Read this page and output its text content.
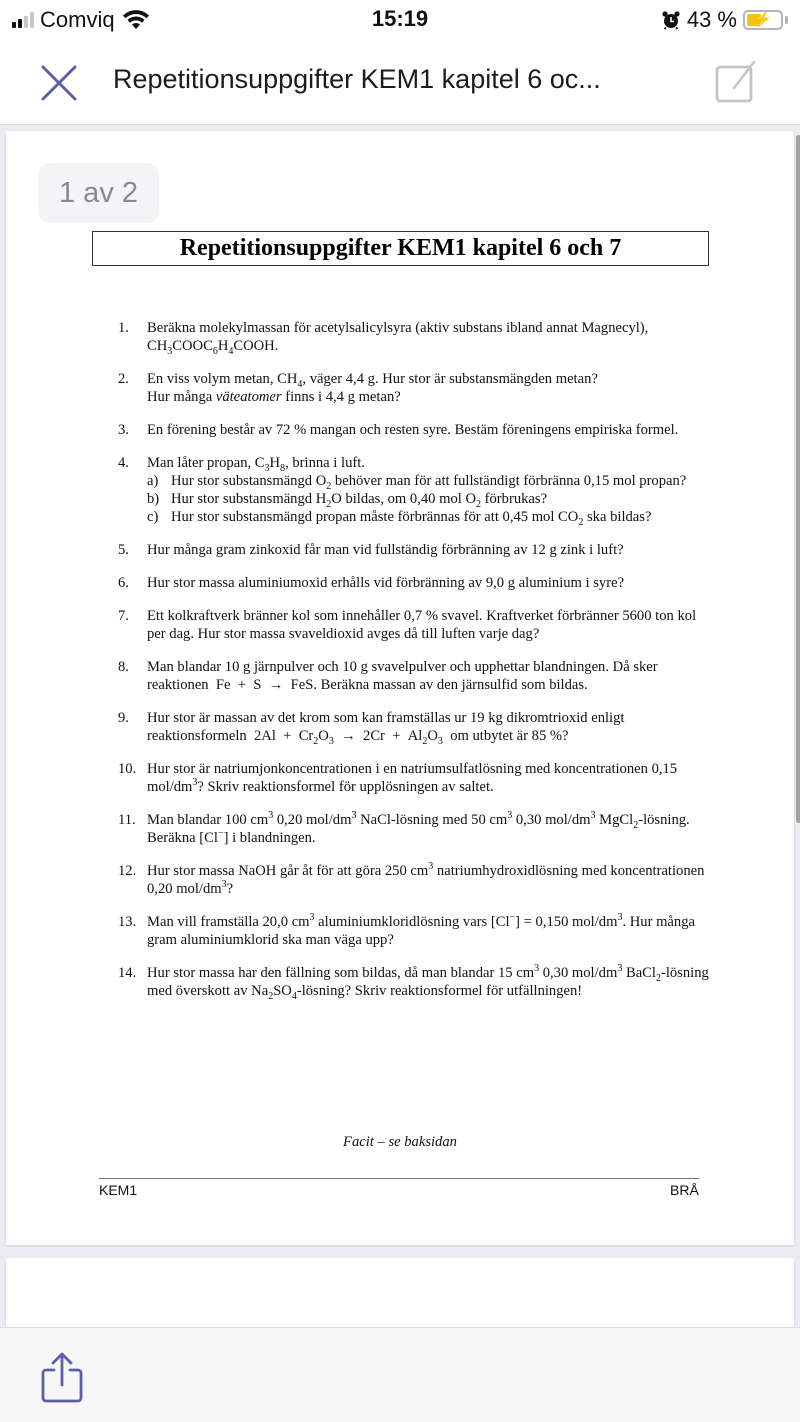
Comviq	15:19	43 %	⚡
Repetitionsuppgifter KEM1 kapitel 6 oc...
1 av 2
Repetitionsuppgifter KEM1 kapitel 6 och 7
1. Beräkna molekylmassan för acetylsalicylsyra (aktiv substans ibland annat Magnecyl), $CH_3COOC_6H_4COOH$.
2. En viss volym metan, $CH_4$, väger 4,4 g. Hur stor är substansmängden metan?
Hur många väteatomer finns i 4,4 g metan?
3. En förening består av 72 % mangan och resten syre. Bestäm föreningens empiriska formel.
4. Man låter propan, $C_3H_8$, brinna i luft.
a) Hur stor substansmängd $O_2$ behöver man för att fullständigt förbränna 0,15 mol propan?
b) Hur stor substansmängd $H_2O$ bildas, om 0,40 mol $O_2$ förbrukas?
c) Hur stor substansmängd propan måste förbrännas för att 0,45 mol $CO_2$ ska bildas?
5. Hur många gram zinkoxid får man vid fullständig förbränning av 12 g zink i luft?
6. Hur stor massa aluminiumoxid erhålls vid förbränning av 9,0 g aluminium i syre?
7. Ett kolkraftverk bränner kol som innehåller 0,7 % svavel. Kraftverket förbränner 5600 ton kol per dag. Hur stor massa svaveldioxid avges då till luften varje dag?
8. Man blandar 10 g järnpulver och 10 g svavelpulver och upphettar blandningen. Då sker reaktionen  Fe  +  S  →  FeS. Beräkna massan av den järnsulfid som bildas.
9. Hur stor är massan av det krom som kan framställas ur 19 kg dikromtrioxid enligt reaktionsformeln  $2Al + Cr_2O_3 \to 2Cr + Al_2O_3$  om utbytet är 85 %?
10. Hur stor är natriumjonkoncentrationen i en natriumsulfatlösning med koncentrationen 0,15 mol/$dm^3$? Skriv reaktionsformel för upplösningen av saltet.
11. Man blandar 100 $cm^3$ 0,20 mol/$dm^3$ NaCl-lösning med 50 $cm^3$ 0,30 mol/$dm^3$ MgCl$_2$-lösning. Beräkna [Cl−] i blandningen.
12. Hur stor massa NaOH går åt för att göra 250 $cm^3$ natriumhydroxidlösning med koncentrationen 0,20 mol/$dm^3$?
13. Man vill framställa 20,0 $cm^3$ aluminiumkloridlösning vars [Cl−] = 0,150 mol/$dm^3$. Hur många gram aluminiumklorid ska man väga upp?
14. Hur stor massa har den fällning som bildas, då man blandar 15 $cm^3$ 0,30 mol/$dm^3$ BaCl$_2$-lösning med överskott av $Na_2SO_4$-lösning? Skriv reaktionsformel för utfällningen!
Facit – se baksidan
KEM1	BRÅ
